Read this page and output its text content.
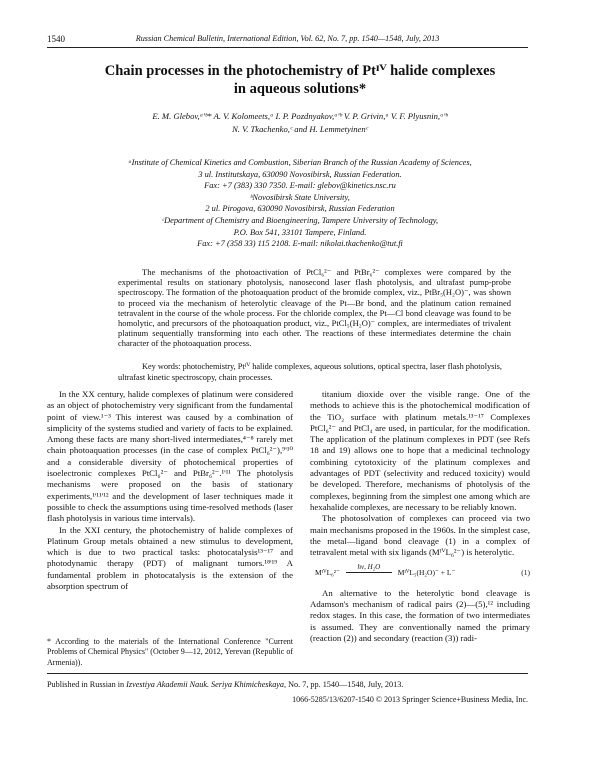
1540	Russian Chemical Bulletin, International Edition, Vol. 62, No. 7, pp. 1540—1548, July, 2013
Chain processes in the photochemistry of Ptᴵⱽ halide complexes
in aqueous solutions*
E. M. Glebov,ᵃ'ᵇ* A. V. Kolomeets,ᵃ I. P. Pozdnyakov,ᵃ'ᵇ V. P. Grivin,ᵃ V. F. Plyusnin,ᵃ'ᵇ
N. V. Tkachenko,ᶜ and H. Lemmetyinenᶜ
ᵃInstitute of Chemical Kinetics and Combustion, Siberian Branch of the Russian Academy of Sciences,
3 ul. Institutskaya, 630090 Novosibirsk, Russian Federation.
Fax: +7 (383) 330 7350. E-mail: glebov@kinetics.nsc.ru
ᵇNovosibirsk State University,
2 ul. Pirogova, 630090 Novosibirsk, Russian Federation
ᶜDepartment of Chemistry and Bioengineering, Tampere University of Technology,
P.O. Box 541, 33101 Tampere, Finland.
Fax: +7 (358 33) 115 2108. E-mail: nikolai.tkachenko@tut.fi
The mechanisms of the photoactivation of PtCl₆²⁻ and PtBr₆²⁻ complexes were compared by the experimental results on stationary photolysis, nanosecond laser flash photolysis, and ultrafast pump-probe spectroscopy. The formation of the photoaquation product of the bromide complex, viz., PtBr₅(H₂O)⁻, was shown to proceed via the mechanism of heterolytic cleavage of the Pt—Br bond, and the platinum cation remained tetravalent in the course of the whole process. For the chloride complex, the Pt—Cl bond cleavage was found to be homolytic, and precursors of the photoaquation product, viz., PtCl₅(H₂O)⁻ complex, are intermediates of trivalent platinum sequentially transforming into each other. The reactions of these intermediates determine the chain character of the photoaquation process.
Key words: photochemistry, Ptᴵⱽ halide complexes, aqueous solutions, optical spectra, laser flash photolysis, ultrafast kinetic spectroscopy, chain processes.

In the XX century, halide complexes of platinum were considered as an object of photochemistry very significant from the fundamental point of view.¹⁻³ This interest was caused by a combination of simplicity of the systems studied and variety of facts to be explained. Among these facts are many short-lived intermediates,⁴⁻⁸ rarely met chain photoaquation processes (in the case of complex PtCl₆²⁻),⁹'¹⁰ and a considerable diversity of photochemical properties of isoelectronic complexes PtCl₆²⁻ and PtBr₆²⁻.¹'¹¹ The photolysis mechanisms were proposed on the basis of stationary experiments,¹'¹¹'¹² and the development of laser techniques made it possible to check the assumptions using time-resolved methods (laser flash photolysis in various time intervals).

In the XXI century, the photochemistry of halide complexes of Platinum Group metals obtained a new stimulus to development, which is due to two practical tasks: photocatalysis¹³⁻¹⁷ and photodynamic therapy (PDT) of malignant tumors.¹⁸'¹⁹ A fundamental problem in photocatalysis is the extension of the absorption spectrum of

titanium dioxide over the visible range. One of the methods to achieve this is the photochemical modification of the TiO₂ surface with platinum metals.¹³⁻¹⁷ Complexes PtCl₆²⁻ and PtCl₄ are used, in particular, for the modification. The application of the platinum complexes in PDT (see Refs 18 and 19) allows one to hope that a medicinal technology combining cytotoxicity of the platinum complexes and advantages of PDT (selectivity and reduced toxicity) would be developed. Therefore, mechanisms of photolysis of the complexes, beginning from the simplest one among which are hexahalide complexes, are necessary to be reliably known.

The photosolvation of complexes can proceed via two main mechanisms proposed in the 1960s. In the simplest case, the metal—ligand bond cleavage (1) in a complex of tetravalent metal with six ligands (MᴵⱽL₆²⁻) is heterolytic.

MᴵⱽL₆²⁻
hν, H₂O
MᴵⱽL₅(H₂O)⁻ + L⁻	(1)

An alternative to the heterolytic bond cleavage is Adamson's mechanism of radical pairs (2)—(5),¹² including redox stages. In this case, the formation of two intermediates is assumed. They are conventionally named the primary (reaction (2)) and secondary (reaction (3)) radi-

* According to the materials of the International Conference "Current Problems of Chemical Physics" (October 9—12, 2012, Yerevan (Republic of Armenia)).
Published in Russian in Izvestiya Akademii Nauk. Seriya Khimicheskaya, No. 7, pp. 1540—1548, July, 2013.
1066-5285/13/6207-1540 © 2013 Springer Science+Business Media, Inc.
